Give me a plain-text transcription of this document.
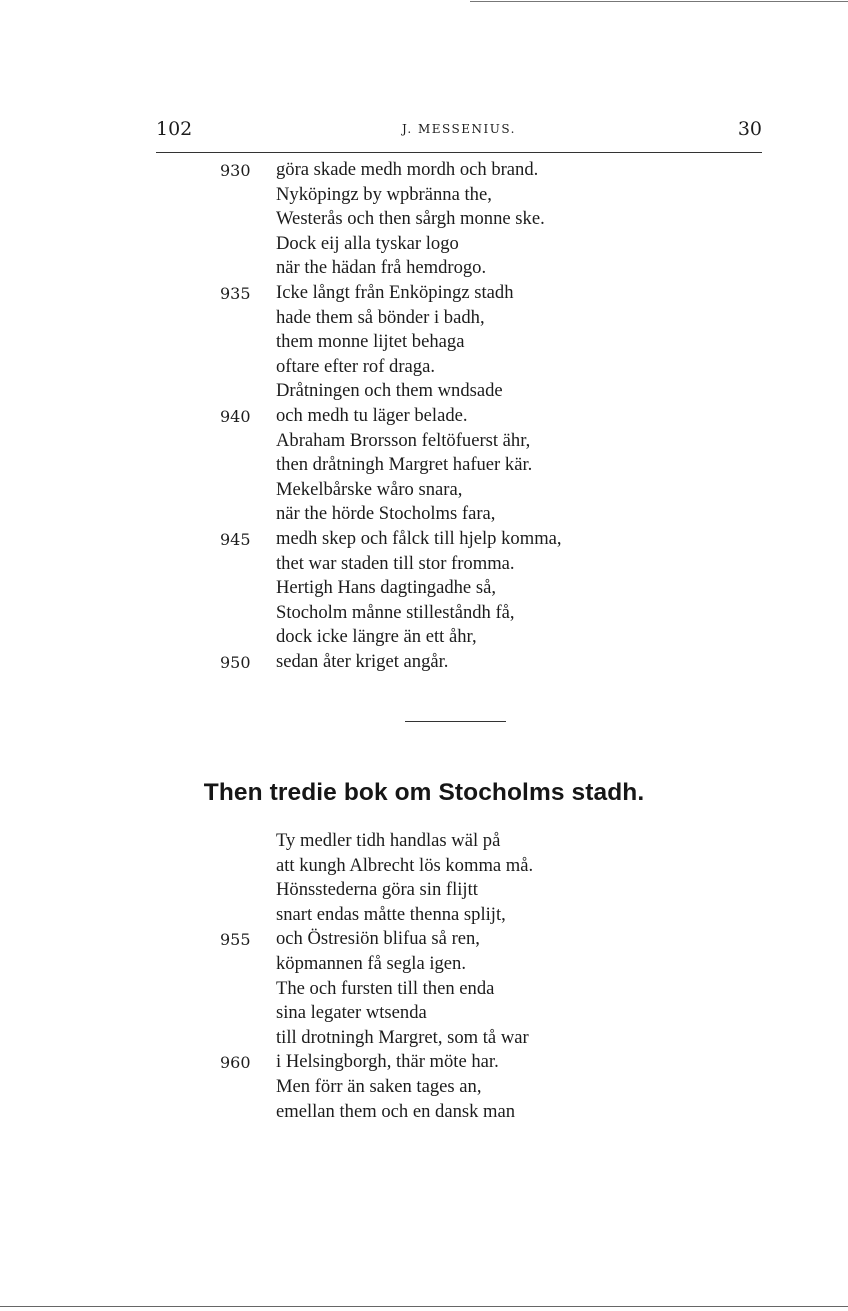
102	J. MESSENIUS.	30
930	göra skade medh mordh och brand.
Nyköpingz by wpbränna the,
Westerås och then sårgh monne ske.
Dock eij alla tyskar logo
när the hädan frå hemdrogo.
935	Icke långt från Enköpingz stadh
hade them så bönder i badh,
them monne lijtet behaga
oftare efter rof draga.
Dråtningen och them wndsade
940	och medh tu läger belade.
Abraham Brorsson feltöfuerst ähr,
then dråtningh Margret hafuer kär.
Mekelbårske wåro snara,
när the hörde Stocholms fara,
945	medh skep och fålck till hjelp komma,
thet war staden till stor fromma.
Hertigh Hans dagtingadhe så,
Stocholm månne stilleståndh få,
dock icke längre än ett åhr,
950	sedan åter kriget angår.
Then tredie bok om Stocholms stadh.
Ty medler tidh handlas wäl på
att kungh Albrecht lös komma må.
Hönsstederna göra sin flijtt
snart endas måtte thenna splijt,
955	och Östresiön blifua så ren,
köpmannen få segla igen.
The och fursten till then enda
sina legater wtsenda
till drotningh Margret, som tå war
960	i Helsingborgh, thär möte har.
Men förr än saken tages an,
emellan them och en dansk man
